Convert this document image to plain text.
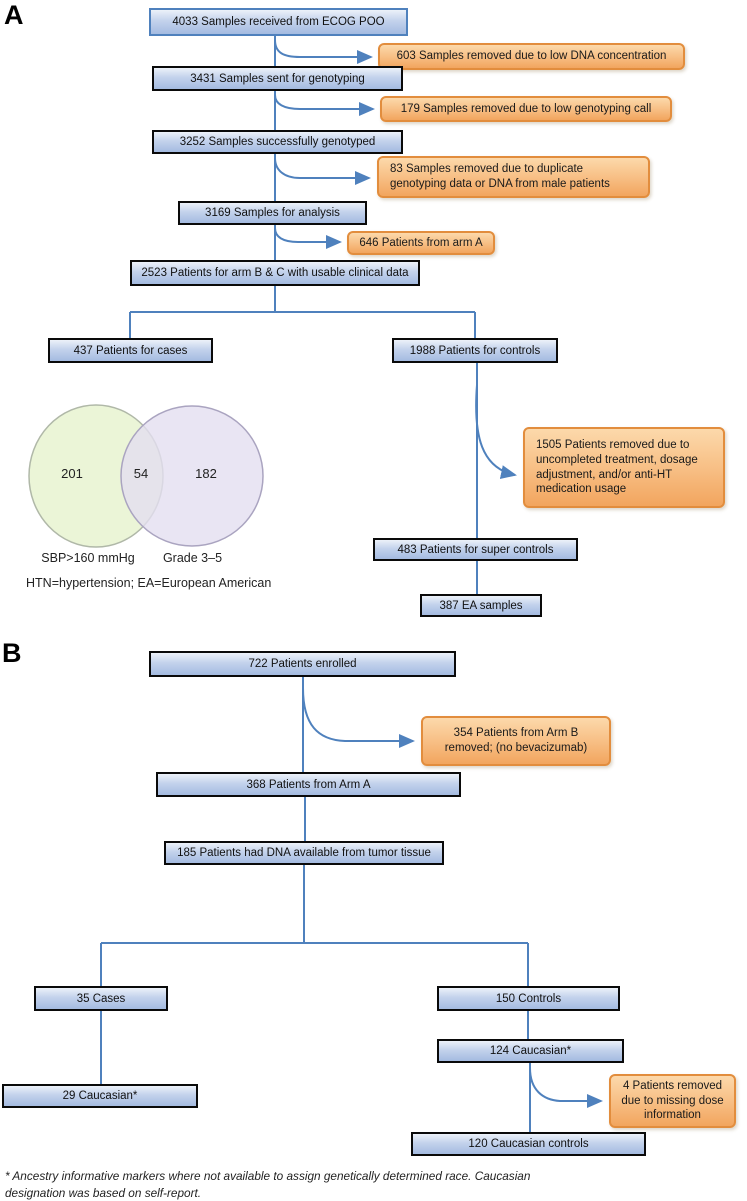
A	4033 Samples received from ECOG POO
603 Samples removed due to low DNA concentration
3431 Samples sent for genotyping
179 Samples removed due to low genotyping call
3252 Samples successfully genotyped
83 Samples removed due to duplicate genotyping data or DNA from male patients
3169 Samples for analysis
646 Patients from arm A
2523 Patients for arm B & C with usable clinical data
437 Patients for cases	1988 Patients for controls
1505 Patients removed due to uncompleted treatment, dosage adjustment, and/or anti-HT medication usage
483 Patients for super controls
387 EA samples
201	54	182
SBP>160 mmHg	Grade 3–5
HTN=hypertension; EA=European American
B	722 Patients enrolled
354 Patients from Arm B removed; (no bevacizumab)
368 Patients from Arm A
185 Patients had DNA available from tumor tissue
35 Cases	150 Controls
29 Caucasian*
124 Caucasian*
4 Patients removed due to missing dose information
120 Caucasian controls
* Ancestry informative markers where not available to assign genetically determined race. Caucasian designation was based on self-report.
